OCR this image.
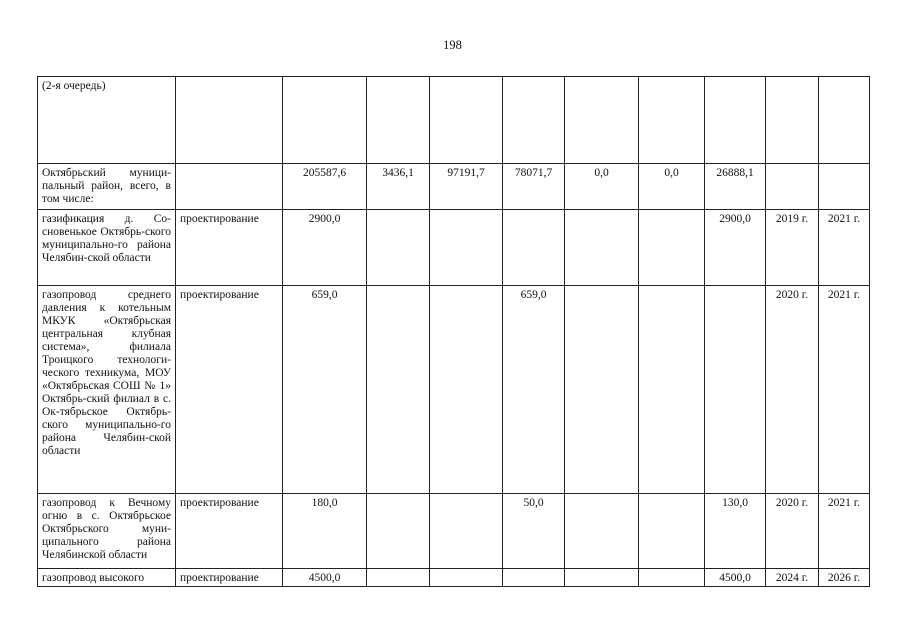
198
(2-я очередь)										

Октябрьский муници-пальный район, всего, в том числе:		205587,6	3436,1	97191,7	78071,7	0,0	0,0	26888,1		

газификация д. Со-сновенькое Октябрь-ского муниципально-го района Челябин-ской области	проектирование	2900,0						2900,0	2019 г.	2021 г.

газопровод среднего давления к котельным МКУК «Октябрьская центральная клубная система», филиала Троицкого технологи-ческого техникума, МОУ «Октябрьская СОШ № 1» Октябрь-ский филиал в с. Ок-тябрьское Октябрь-ского муниципально-го района Челябин-ской области	проектирование	659,0			659,0				2020 г.	2021 г.

газопровод к Вечному огню в с. Октябрьское Октябрьского муни-ципального района Челябинской области	проектирование	180,0			50,0			130,0	2020 г.	2021 г.

газопровод высокого	проектирование	4500,0						4500,0	2024 г.	2026 г.
